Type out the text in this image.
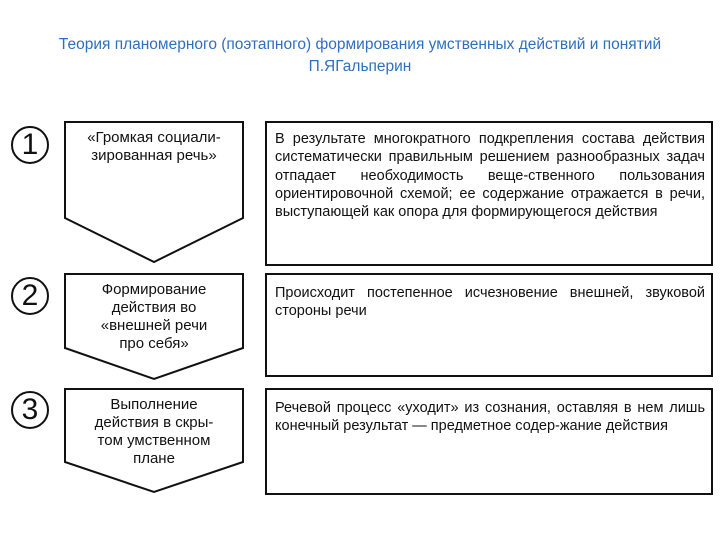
Теория планомерного (поэтапного) формирования умственных действий и понятий
П.ЯГальперин
1
2
3
«Громкая социали-
зированная речь»
Формирование
действия во
«внешней речи
про себя»
Выполнение
действия в скры-
том умственном
плане
В результате многократного подкрепления состава действия систематически правильным решением разнообразных задач отпадает необходимость веще-ственного пользования ориентировочной схемой; ее содержание отражается в речи, выступающей как опора для формирующегося действия
Происходит постепенное исчезновение внешней, звуковой стороны речи
Речевой процесс «уходит» из сознания, оставляя в нем лишь конечный результат — предметное содер-жание действия
